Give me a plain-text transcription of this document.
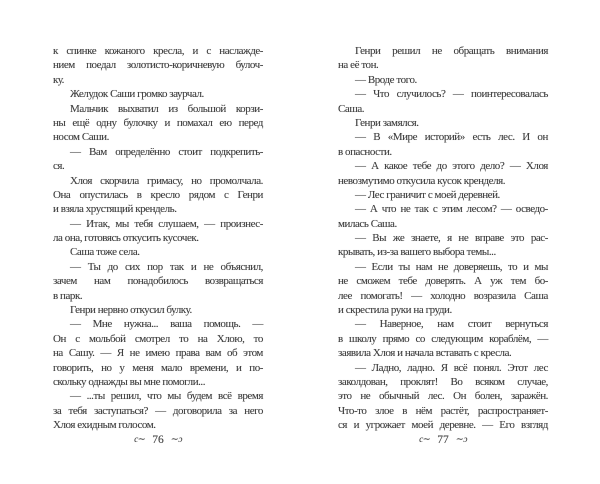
к спинке кожаного кресла, и с наслажде-
нием поедал золотисто-коричневую булоч-
ку.
Желудок Саши громко заурчал.
Мальчик выхватил из большой корзи-
ны ещё одну булочку и помахал ею перед
носом Саши.
— Вам определённо стоит подкрепить-
ся.
Хлоя скорчила гримасу, но промолчала.
Она опустилась в кресло рядом с Генри
и взяла хрустящий крендель.
— Итак, мы тебя слушаем, — произнес-
ла она, готовясь откусить кусочек.
Саша тоже села.
— Ты до сих пор так и не объяснил,
зачем нам понадобилось возвращаться
в парк.
Генри нервно откусил булку.
— Мне нужна... ваша помощь. —
Он с мольбой смотрел то на Хлою, то
на Сашу. — Я не имею права вам об этом
говорить, но у меня мало времени, и по-
скольку однажды вы мне помогли...
— ...ты решил, что мы будем всё время
за тебя заступаться? — договорила за него
Хлоя ехидным голосом.
c∼ 76 ∼ɔ
Генри решил не обращать внимания
на её тон.
— Вроде того.
— Что случилось? — поинтересовалась
Саша.
Генри замялся.
— В «Мире историй» есть лес. И он
в опасности.
— А какое тебе до этого дело? — Хлоя
невозмутимо откусила кусок кренделя.
— Лес граничит с моей деревней.
— А что не так с этим лесом? — осведо-
милась Саша.
— Вы же знаете, я не вправе это рас-
крывать, из-за вашего выбора темы...
— Если ты нам не доверяешь, то и мы
не сможем тебе доверять. А уж тем бо-
лее помогать! — холодно возразила Саша
и скрестила руки на груди.
— Наверное, нам стоит вернуться
в школу прямо со следующим кораблём, —
заявила Хлоя и начала вставать с кресла.
— Ладно, ладно. Я всё понял. Этот лес
заколдован, проклят! Во всяком случае,
это не обычный лес. Он болен, заражён.
Что-то злое в нём растёт, распространяет-
ся и угрожает моей деревне. — Его взгляд
c∼ 77 ∼ɔ
